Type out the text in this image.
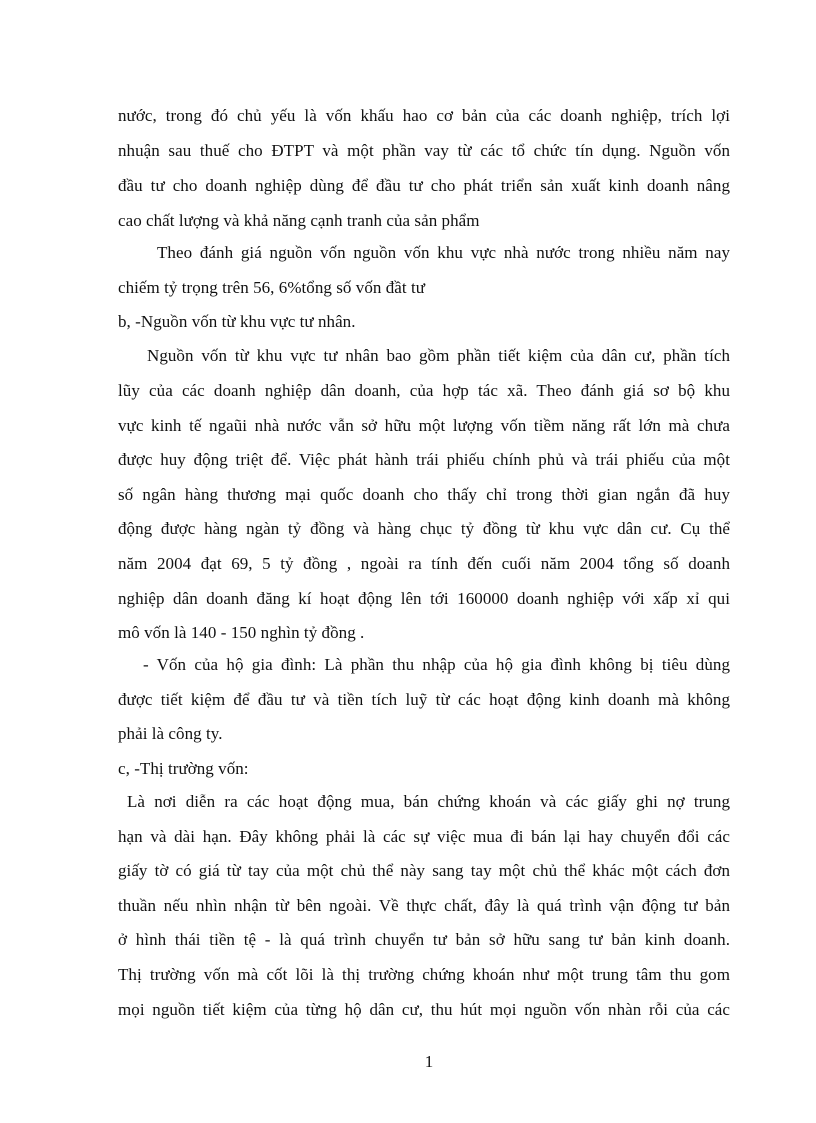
nước, trong đó chủ yếu là vốn khấu hao cơ bản của các doanh nghiệp, trích lợi
nhuận sau thuế cho ĐTPT và một phần vay từ các tổ chức tín dụng. Nguồn vốn
đầu tư cho doanh nghiệp dùng để đầu tư cho phát triển sản xuất kinh doanh nâng
cao chất lượng và khả năng cạnh tranh của sản phẩm
Theo đánh giá nguồn vốn nguồn vốn khu vực nhà nước trong nhiều năm nay
chiếm tỷ trọng trên 56, 6%tổng số vốn đầt tư
b, -Nguồn vốn từ khu vực tư nhân.
Nguồn vốn từ khu vực tư nhân bao gồm phần tiết kiệm của dân cư, phần tích
lũy của các doanh nghiệp dân doanh, của hợp tác xã. Theo đánh giá sơ bộ khu
vực kinh tế ngaũi nhà nước vẫn sở hữu một lượng vốn tiềm năng rất lớn mà chưa
được huy động triệt để. Việc phát hành trái phiếu chính phủ và trái phiếu của một
số ngân hàng thương mại quốc doanh cho thấy chỉ trong thời gian ngắn đã huy
động được hàng ngàn tỷ đồng và hàng chục tỷ đồng từ khu vực dân cư. Cụ thể
năm 2004 đạt 69, 5 tỷ đồng , ngoài ra tính đến cuối năm 2004 tổng số doanh
nghiệp dân doanh đăng kí hoạt động lên tới 160000 doanh nghiệp với xấp xỉ qui
mô vốn là 140 - 150 nghìn tỷ đồng .
- Vốn của hộ gia đình: Là phần thu nhập của hộ gia đình không bị tiêu dùng
được tiết kiệm để đầu tư và tiền tích luỹ từ các hoạt động kinh doanh mà không
phải là công ty.
c, -Thị trường vốn:
Là nơi diễn ra các hoạt động mua, bán chứng khoán và các giấy ghi nợ trung
hạn và dài hạn. Đây không phải là các sự việc mua đi bán lại hay chuyển đổi các
giấy tờ có giá từ tay của một chủ thể này sang tay một chủ thể khác một cách đơn
thuần nếu nhìn nhận từ bên ngoài. Về thực chất, đây là quá trình vận động tư bản
ở hình thái tiền tệ - là quá trình chuyển tư bản sở hữu sang tư bản kinh doanh.
Thị trường vốn mà cốt lõi là thị trường chứng khoán như một trung tâm thu gom
mọi nguồn tiết kiệm của từng hộ dân cư, thu hút mọi nguồn vốn nhàn rỗi của các
1
